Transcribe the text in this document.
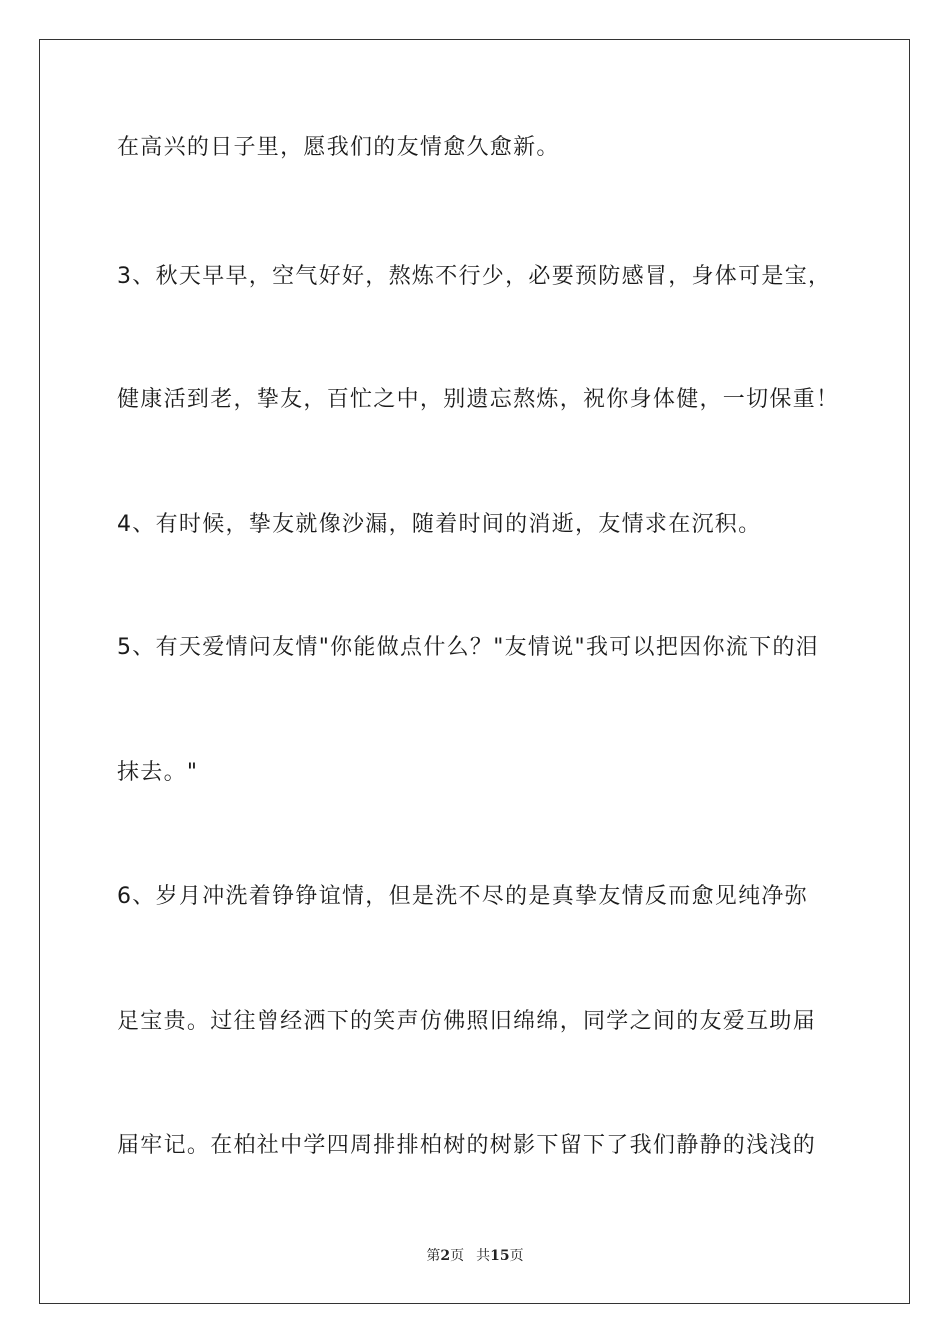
在高兴的日子里，愿我们的友情愈久愈新。
3、秋天早早，空气好好，熬炼不行少，必要预防感冒，身体可是宝，
健康活到老，挚友，百忙之中，别遗忘熬炼，祝你身体健，一切保重！
4、有时候，挚友就像沙漏，随着时间的消逝，友情求在沉积。
5、有天爱情问友情"你能做点什么？"友情说"我可以把因你流下的泪
抹去。"
6、岁月冲洗着铮铮谊情，但是洗不尽的是真挚友情反而愈见纯净弥
足宝贵。过往曾经洒下的笑声仿佛照旧绵绵，同学之间的友爱互助届
届牢记。在柏社中学四周排排柏树的树影下留下了我们静静的浅浅的
第2页 共15页
